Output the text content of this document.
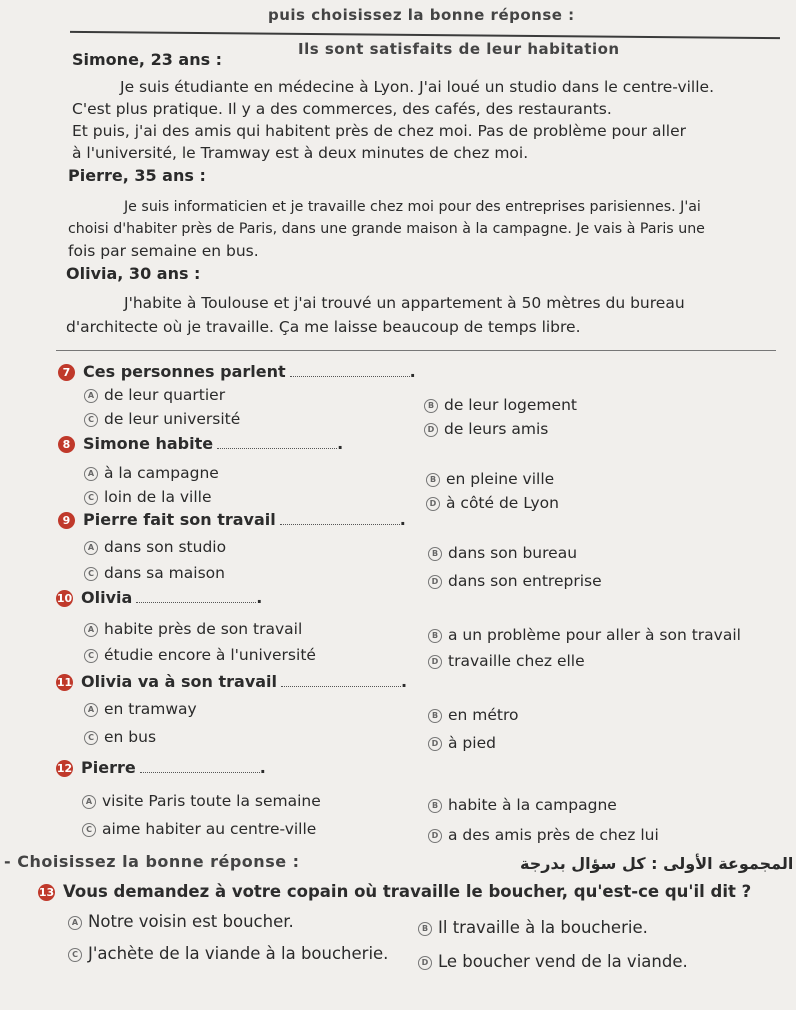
puis choisissez la bonne réponse :
Ils sont satisfaits de leur habitation
Simone, 23 ans :
Je suis étudiante en médecine à Lyon. J'ai loué un studio dans le centre-ville.
C'est plus pratique. Il y a des commerces, des cafés, des restaurants.
Et puis, j'ai des amis qui habitent près de chez moi. Pas de problème pour aller
à l'université, le Tramway est à deux minutes de chez moi.
Pierre, 35 ans :
Je suis informaticien et je travaille chez moi pour des entreprises parisiennes. J'ai
choisi d'habiter près de Paris, dans une grande maison à la campagne. Je vais à Paris une
fois par semaine en bus.
Olivia, 30 ans :
J'habite à Toulouse et j'ai trouvé un appartement à 50 mètres du bureau
d'architecte où je travaille. Ça me laisse beaucoup de temps libre.
7 Ces personnes parlent	.
A de leur quartier
B de leur logement
C de leur université
D de leurs amis
8 Simone habite	.
A à la campagne	B en pleine ville
C loin de la ville	D à côté de Lyon
9 Pierre fait son travail	.
A dans son studio	B dans son bureau
C dans sa maison	D dans son entreprise
10 Olivia	.
A habite près de son travail	B a un problème pour aller à son travail
C étudie encore à l'université	D travaille chez elle
11 Olivia va à son travail	.
A en tramway	B en métro
C en bus	D à pied
12 Pierre	.
A visite Paris toute la semaine	B habite à la campagne
C aime habiter au centre-ville	D a des amis près de chez lui
- Choisissez la bonne réponse :	المجموعة الأولى : كل سؤال بدرجة
13 Vous demandez à votre copain où travaille le boucher, qu'est-ce qu'il dit ?
A Notre voisin est boucher.	B Il travaille à la boucherie.
C J'achète de la viande à la boucherie.	D Le boucher vend de la viande.
